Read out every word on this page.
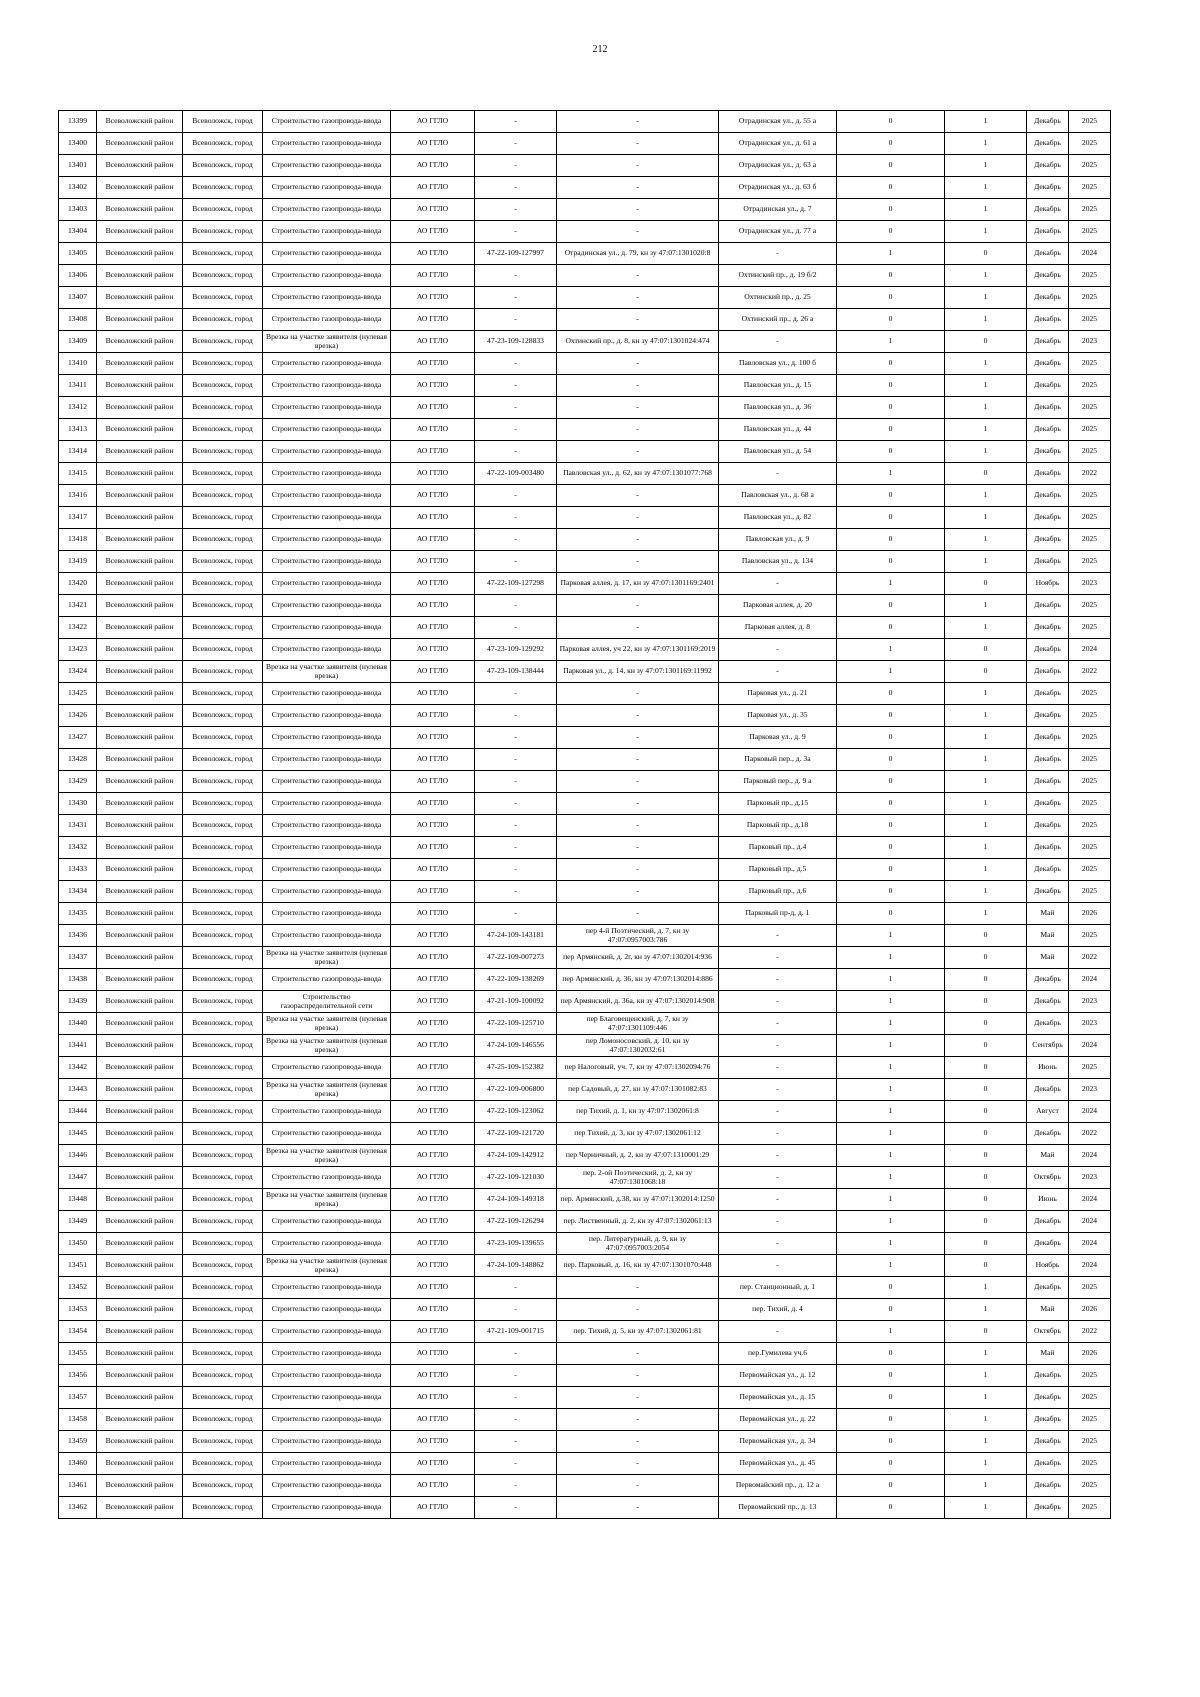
212
13399	Всеволожский район	Всеволожск, город	Строительство газопровода-ввода	АО ГГЛО	-	-	Отрадинская ул., д. 55 а	0	1	Декабрь	2025
13400	Всеволожский район	Всеволожск, город	Строительство газопровода-ввода	АО ГГЛО	-	-	Отрадинская ул., д. 61 а	0	1	Декабрь	2025
13401	Всеволожский район	Всеволожск, город	Строительство газопровода-ввода	АО ГГЛО	-	-	Отрадинская ул., д. 63 а	0	1	Декабрь	2025
13402	Всеволожский район	Всеволожск, город	Строительство газопровода-ввода	АО ГГЛО	-	-	Отрадинская ул., д. 63 б	0	1	Декабрь	2025
13403	Всеволожский район	Всеволожск, город	Строительство газопровода-ввода	АО ГГЛО	-	-	Отрадинская ул., д. 7	0	1	Декабрь	2025
13404	Всеволожский район	Всеволожск, город	Строительство газопровода-ввода	АО ГГЛО	-	-	Отрадинская ул., д. 77 а	0	1	Декабрь	2025
13405	Всеволожский район	Всеволожск, город	Строительство газопровода-ввода	АО ГГЛО	47-22-109-127997	Отрадинская ул., д. 79, кн зу 47:07:1301020:8	-	1	0	Декабрь	2024
13406	Всеволожский район	Всеволожск, город	Строительство газопровода-ввода	АО ГГЛО	-	-	Охтинский пр., д. 19 б/2	0	1	Декабрь	2025
13407	Всеволожский район	Всеволожск, город	Строительство газопровода-ввода	АО ГГЛО	-	-	Охтинский пр., д. 25	0	1	Декабрь	2025
13408	Всеволожский район	Всеволожск, город	Строительство газопровода-ввода	АО ГГЛО	-	-	Охтинский пр., д. 26 а	0	1	Декабрь	2025
13409	Всеволожский район	Всеволожск, город	Врезка на участке заявителя (нулевая врезка)	АО ГГЛО	47-23-109-128833	Охтинский пр., д. 8, кн зу 47:07:1301024:474	-	1	0	Декабрь	2023
13410	Всеволожский район	Всеволожск, город	Строительство газопровода-ввода	АО ГГЛО	-	-	Павловская ул., д. 100 б	0	1	Декабрь	2025
13411	Всеволожский район	Всеволожск, город	Строительство газопровода-ввода	АО ГГЛО	-	-	Павловская ул., д. 15	0	1	Декабрь	2025
13412	Всеволожский район	Всеволожск, город	Строительство газопровода-ввода	АО ГГЛО	-	-	Павловская ул., д. 36	0	1	Декабрь	2025
13413	Всеволожский район	Всеволожск, город	Строительство газопровода-ввода	АО ГГЛО	-	-	Павловская ул., д. 44	0	1	Декабрь	2025
13414	Всеволожский район	Всеволожск, город	Строительство газопровода-ввода	АО ГГЛО	-	-	Павловская ул., д. 54	0	1	Декабрь	2025
13415	Всеволожский район	Всеволожск, город	Строительство газопровода-ввода	АО ГГЛО	47-22-109-003480	Павловская ул., д. 62, кн зу 47:07:1301077:768	-	1	0	Декабрь	2022
13416	Всеволожский район	Всеволожск, город	Строительство газопровода-ввода	АО ГГЛО	-	-	Павловская ул., д. 68 а	0	1	Декабрь	2025
13417	Всеволожский район	Всеволожск, город	Строительство газопровода-ввода	АО ГГЛО	-	-	Павловская ул., д. 82	0	1	Декабрь	2025
13418	Всеволожский район	Всеволожск, город	Строительство газопровода-ввода	АО ГГЛО	-	-	Павловская ул., д. 9	0	1	Декабрь	2025
13419	Всеволожский район	Всеволожск, город	Строительство газопровода-ввода	АО ГГЛО	-	-	Павловская ул., д. 134	0	1	Декабрь	2025
13420	Всеволожский район	Всеволожск, город	Строительство газопровода-ввода	АО ГГЛО	47-22-109-127298	Парковая аллея, д. 17, кн зу 47:07:1301169:2401	-	1	0	Ноябрь	2023
13421	Всеволожский район	Всеволожск, город	Строительство газопровода-ввода	АО ГГЛО	-	-	Парковая аллея, д. 20	0	1	Декабрь	2025
13422	Всеволожский район	Всеволожск, город	Строительство газопровода-ввода	АО ГГЛО	-	-	Парковая аллея, д. 8	0	1	Декабрь	2025
13423	Всеволожский район	Всеволожск, город	Строительство газопровода-ввода	АО ГГЛО	47-23-109-129292	Парковая аллея, уч 22, кн зу 47:07:1301169:2019	-	1	0	Декабрь	2024
13424	Всеволожский район	Всеволожск, город	Врезка на участке заявителя (нулевая врезка)	АО ГГЛО	47-23-109-138444	Парковая ул., д. 14, кн зу 47:07:1301169:11992	-	1	0	Декабрь	2022
13425	Всеволожский район	Всеволожск, город	Строительство газопровода-ввода	АО ГГЛО	-	-	Парковая ул., д. 21	0	1	Декабрь	2025
13426	Всеволожский район	Всеволожск, город	Строительство газопровода-ввода	АО ГГЛО	-	-	Парковая ул., д. 35	0	1	Декабрь	2025
13427	Всеволожский район	Всеволожск, город	Строительство газопровода-ввода	АО ГГЛО	-	-	Парковая ул., д. 9	0	1	Декабрь	2025
13428	Всеволожский район	Всеволожск, город	Строительство газопровода-ввода	АО ГГЛО	-	-	Парковый пер., д. 3а	0	1	Декабрь	2025
13429	Всеволожский район	Всеволожск, город	Строительство газопровода-ввода	АО ГГЛО	-	-	Парковый пер., д. 9 а	0	1	Декабрь	2025
13430	Всеволожский район	Всеволожск, город	Строительство газопровода-ввода	АО ГГЛО	-	-	Парковый пр., д.15	0	1	Декабрь	2025
13431	Всеволожский район	Всеволожск, город	Строительство газопровода-ввода	АО ГГЛО	-	-	Парковый пр., д.18	0	1	Декабрь	2025
13432	Всеволожский район	Всеволожск, город	Строительство газопровода-ввода	АО ГГЛО	-	-	Парковый пр., д.4	0	1	Декабрь	2025
13433	Всеволожский район	Всеволожск, город	Строительство газопровода-ввода	АО ГГЛО	-	-	Парковый пр., д.5	0	1	Декабрь	2025
13434	Всеволожский район	Всеволожск, город	Строительство газопровода-ввода	АО ГГЛО	-	-	Парковый пр., д.6	0	1	Декабрь	2025
13435	Всеволожский район	Всеволожск, город	Строительство газопровода-ввода	АО ГГЛО	-	-	Парковый пр-д, д. 1	0	1	Май	2026
13436	Всеволожский район	Всеволожск, город	Строительство газопровода-ввода	АО ГГЛО	47-24-109-143181	пер 4-й Поэтический, д. 7, кн зу 47:07:0957003:786	-	1	0	Май	2025
13437	Всеволожский район	Всеволожск, город	Врезка на участке заявителя (нулевая врезка)	АО ГГЛО	47-22-109-007273	пер Армянский, д. 2г, кн зу 47:07:1302014:936	-	1	0	Май	2022
13438	Всеволожский район	Всеволожск, город	Строительство газопровода-ввода	АО ГГЛО	47-22-109-138269	пер Армянский, д. 36, кн зу 47:07:1302014:886	-	1	0	Декабрь	2024
13439	Всеволожский район	Всеволожск, город	Строительство газораспределительной сети	АО ГГЛО	47-21-109-100092	пер Армянский, д. 36а, кн зу 47:07:1302014:908	-	1	0	Декабрь	2023
13440	Всеволожский район	Всеволожск, город	Врезка на участке заявителя (нулевая врезка)	АО ГГЛО	47-22-109-125710	пер Благовещенский, д. 7, кн зу 47:07:1301109:446	-	1	0	Декабрь	2023
13441	Всеволожский район	Всеволожск, город	Врезка на участке заявителя (нулевая врезка)	АО ГГЛО	47-24-109-146556	пер Ломоносовский, д. 10, кн зу 47:07:1302032:61	-	1	0	Сентябрь	2024
13442	Всеволожский район	Всеволожск, город	Строительство газопровода-ввода	АО ГГЛО	47-25-109-152382	пер Налоговый, уч. 7, кн зу 47:07:1302094:76	-	1	0	Июнь	2025
13443	Всеволожский район	Всеволожск, город	Врезка на участке заявителя (нулевая врезка)	АО ГГЛО	47-22-109-006800	пер Садовый, д. 27, кн зу 47:07:1301082:83	-	1	0	Декабрь	2023
13444	Всеволожский район	Всеволожск, город	Строительство газопровода-ввода	АО ГГЛО	47-22-109-123062	пер Тихий, д. 1, кн зу 47:07:1302061:8	-	1	0	Август	2024
13445	Всеволожский район	Всеволожск, город	Строительство газопровода-ввода	АО ГГЛО	47-22-109-121720	пер Тихий, д. 3, кн зу 47:07:1302061:12	-	1	0	Декабрь	2022
13446	Всеволожский район	Всеволожск, город	Врезка на участке заявителя (нулевая врезка)	АО ГГЛО	47-24-109-142912	пер Черничный, д. 2, кн зу 47:07:1310001:29	-	1	0	Май	2024
13447	Всеволожский район	Всеволожск, город	Строительство газопровода-ввода	АО ГГЛО	47-22-109-121030	пер. 2-ой Поэтический, д. 2, кн зу 47:07:1301068:18	-	1	0	Октябрь	2023
13448	Всеволожский район	Всеволожск, город	Врезка на участке заявителя (нулевая врезка)	АО ГГЛО	47-24-109-149318	пер. Армянский, д.38, кн зу 47:07:1302014:1250	-	1	0	Июнь	2024
13449	Всеволожский район	Всеволожск, город	Строительство газопровода-ввода	АО ГГЛО	47-22-109-126294	пер. Лиственный, д. 2, кн зу 47:07:1302061:13	-	1	0	Декабрь	2024
13450	Всеволожский район	Всеволожск, город	Строительство газопровода-ввода	АО ГГЛО	47-23-109-139655	пер. Литературный, д. 9, кн зу 47:07:0957003:2054	-	1	0	Декабрь	2024
13451	Всеволожский район	Всеволожск, город	Врезка на участке заявителя (нулевая врезка)	АО ГГЛО	47-24-109-148862	пер. Парковый, д. 16, кн зу 47:07:1301070:448	-	1	0	Ноябрь	2024
13452	Всеволожский район	Всеволожск, город	Строительство газопровода-ввода	АО ГГЛО	-	-	пер. Станционный, д. 1	0	1	Декабрь	2025
13453	Всеволожский район	Всеволожск, город	Строительство газопровода-ввода	АО ГГЛО	-	-	пер. Тихий, д. 4	0	1	Май	2026
13454	Всеволожский район	Всеволожск, город	Строительство газопровода-ввода	АО ГГЛО	47-21-109-001715	пер. Тихий, д. 5, кн зу 47:07:1302061:81	-	1	0	Октябрь	2022
13455	Всеволожский район	Всеволожск, город	Строительство газопровода-ввода	АО ГГЛО	-	-	пер.Гумилева уч.6	0	1	Май	2026
13456	Всеволожский район	Всеволожск, город	Строительство газопровода-ввода	АО ГГЛО	-	-	Первомайская ул., д. 12	0	1	Декабрь	2025
13457	Всеволожский район	Всеволожск, город	Строительство газопровода-ввода	АО ГГЛО	-	-	Первомайская ул., д. 15	0	1	Декабрь	2025
13458	Всеволожский район	Всеволожск, город	Строительство газопровода-ввода	АО ГГЛО	-	-	Первомайская ул., д. 22	0	1	Декабрь	2025
13459	Всеволожский район	Всеволожск, город	Строительство газопровода-ввода	АО ГГЛО	-	-	Первомайская ул., д. 34	0	1	Декабрь	2025
13460	Всеволожский район	Всеволожск, город	Строительство газопровода-ввода	АО ГГЛО	-	-	Первомайская ул., д. 45	0	1	Декабрь	2025
13461	Всеволожский район	Всеволожск, город	Строительство газопровода-ввода	АО ГГЛО	-	-	Первомайский пр., д. 12 а	0	1	Декабрь	2025
13462	Всеволожский район	Всеволожск, город	Строительство газопровода-ввода	АО ГГЛО	-	-	Первомайский пр., д. 13	0	1	Декабрь	2025
